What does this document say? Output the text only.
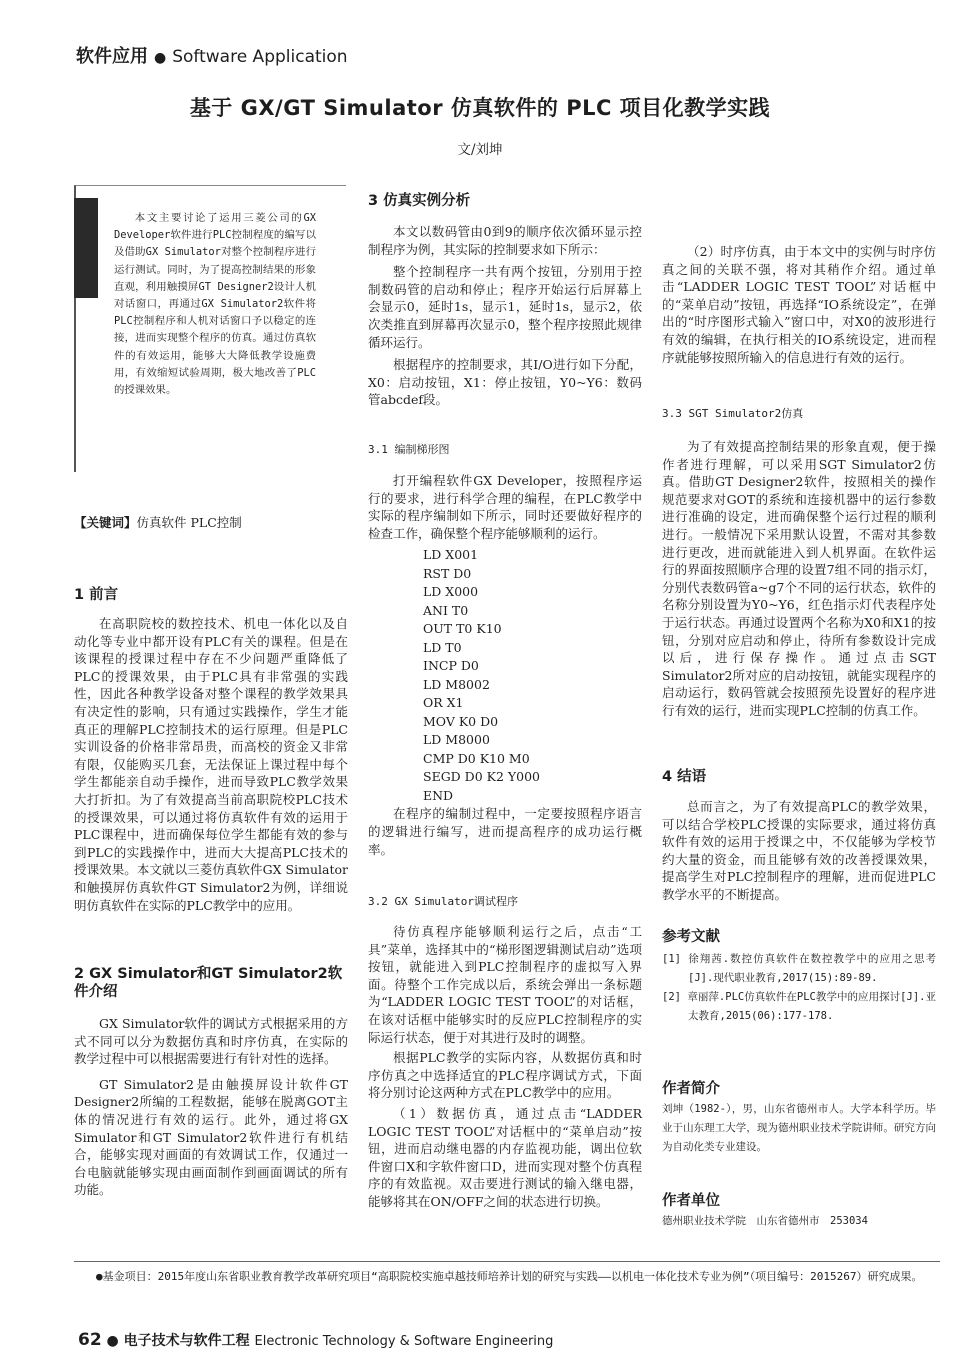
软件应用 ● Software Application
基于 GX/GT Simulator 仿真软件的 PLC 项目化教学实践
文/刘坤

本文主要讨论了运用三菱公司的GX Developer软件进行PLC控制程度的编写以及借助GX Simulator对整个控制程序进行运行测试。同时，为了提高控制结果的形象直观，利用触摸屏GT Designer2设计人机对话窗口，再通过GX Simulator2软件将PLC控制程序和人机对话窗口予以稳定的连接，进而实现整个程序的仿真。通过仿真软件的有效运用，能够大大降低教学设施费用，有效缩短试验周期，极大地改善了PLC的授课效果。

【关键词】仿真软件 PLC控制
1 前言

在高职院校的数控技术、机电一体化以及自动化等专业中都开设有PLC有关的课程。但是在该课程的授课过程中存在不少问题严重降低了PLC的授课效果，由于PLC具有非常强的实践性，因此各种教学设备对整个课程的教学效果具有决定性的影响，只有通过实践操作，学生才能真正的理解PLC控制技术的运行原理。但是PLC实训设备的价格非常昂贵，而高校的资金又非常有限，仅能购买几套，无法保证上课过程中每个学生都能亲自动手操作，进而导致PLC教学效果大打折扣。为了有效提高当前高职院校PLC技术的授课效果，可以通过将仿真软件有效的运用于PLC课程中，进而确保每位学生都能有效的参与到PLC的实践操作中，进而大大提高PLC技术的授课效果。本文就以三菱仿真软件GX Simulator和触摸屏仿真软件GT Simulator2为例，详细说明仿真软件在实际的PLC教学中的应用。

2 GX Simulator和GT Simulator2软件介绍

GX Simulator软件的调试方式根据采用的方式不同可以分为数据仿真和时序仿真，在实际的教学过程中可以根据需要进行有针对性的选择。

GT Simulator2是由触摸屏设计软件GT Designer2所编的工程数据，能够在脱离GOT主体的情况进行有效的运行。此外，通过将GX Simulator和GT Simulator2软件进行有机结合，能够实现对画面的有效调试工作，仅通过一台电脑就能够实现由画面制作到画面调试的所有功能。

3 仿真实例分析

本文以数码管由0到9的顺序依次循环显示控制程序为例，其实际的控制要求如下所示：

整个控制程序一共有两个按钮，分别用于控制数码管的启动和停止；程序开始运行后屏幕上会显示0，延时1s，显示1，延时1s，显示2，依次类推直到屏幕再次显示0，整个程序按照此规律循环运行。

根据程序的控制要求，其I/O进行如下分配，X0：启动按钮，X1：停止按钮，Y0~Y6：数码管abcdef段。

3.1 编制梯形图

打开编程软件GX Developer，按照程序运行的要求，进行科学合理的编程，在PLC教学中实际的程序编制如下所示，同时还要做好程序的检查工作，确保整个程序能够顺利的运行。

LD X001

RST D0

LD X000

ANI T0

OUT T0 K10

LD T0

INCP D0

LD M8002

OR X1

MOV K0 D0

LD M8000

CMP D0 K10 M0

SEGD D0 K2 Y000

END

在程序的编制过程中，一定要按照程序语言的逻辑进行编写，进而提高程序的成功运行概率。

3.2 GX Simulator调试程序

待仿真程序能够顺利运行之后，点击“工具”菜单，选择其中的“梯形图逻辑测试启动”选项按钮，就能进入到PLC控制程序的虚拟写入界面。待整个工作完成以后，系统会弹出一条标题为“LADDER LOGIC TEST TOOL”的对话框，在该对话框中能够实时的反应PLC控制程序的实际运行状态，便于对其进行及时的调整。

根据PLC教学的实际内容，从数据仿真和时序仿真之中选择适宜的PLC程序调试方式，下面将分别讨论这两种方式在PLC教学中的应用。

（1）数据仿真，通过点击“LADDER LOGIC TEST TOOL”对话框中的“菜单启动”按钮，进而启动继电器的内存监视功能，调出位软件窗口X和字软件窗口D，进而实现对整个仿真程序的有效监视。双击要进行测试的输入继电器，能够将其在ON/OFF之间的状态进行切换。

（2）时序仿真，由于本文中的实例与时序仿真之间的关联不强，将对其稍作介绍。通过单击“LADDER LOGIC TEST TOOL”对话框中的“菜单启动”按钮，再选择“IO系统设定”，在弹出的“时序图形式输入”窗口中，对X0的波形进行有效的编辑，在执行相关的IO系统设定，进而程序就能够按照所输入的信息进行有效的运行。

3.3 SGT Simulator2仿真

为了有效提高控制结果的形象直观，便于操作者进行理解，可以采用SGT Simulator2仿真。借助GT Designer2软件，按照相关的操作规范要求对GOT的系统和连接机器中的运行参数进行准确的设定，进而确保整个运行过程的顺利进行。一般情况下采用默认设置，不需对其参数进行更改，进而就能进入到人机界面。在软件运行的界面按照顺序合理的设置7组不同的指示灯，分别代表数码管a~g7个不同的运行状态，软件的名称分别设置为Y0~Y6，红色指示灯代表程序处于运行状态。再通过设置两个名称为X0和X1的按钮，分别对应启动和停止，待所有参数设计完成以后，进行保存操作。通过点击SGT Simulator2所对应的启动按钮，就能实现程序的启动运行，数码管就会按照预先设置好的程序进行有效的运行，进而实现PLC控制的仿真工作。

4 结语

总而言之，为了有效提高PLC的教学效果，可以结合学校PLC授课的实际要求，通过将仿真软件有效的运用于授课之中，不仅能够为学校节约大量的资金，而且能够有效的改善授课效果，提高学生对PLC控制程序的理解，进而促进PLC教学水平的不断提高。

参考文献

[1] 徐翔茜.数控仿真软件在数控教学中的应用之思考[J].现代职业教育,2017(15):89-89.

[2] 章丽萍.PLC仿真软件在PLC教学中的应用探讨[J].亚太教育,2015(06):177-178.

作者简介

刘坤（1982-），男，山东省德州市人。大学本科学历。毕业于山东理工大学，现为德州职业技术学院讲师。研究方向为自动化类专业建设。

作者单位

德州职业技术学院　山东省德州市　253034

●基金项目：2015年度山东省职业教育教学改革研究项目“高职院校实施卓越技师培养计划的研究与实践——以机电一体化技术专业为例”（项目编号：2015267）研究成果。

62 ● 电子技术与软件工程 Electronic Technology & Software Engineering
